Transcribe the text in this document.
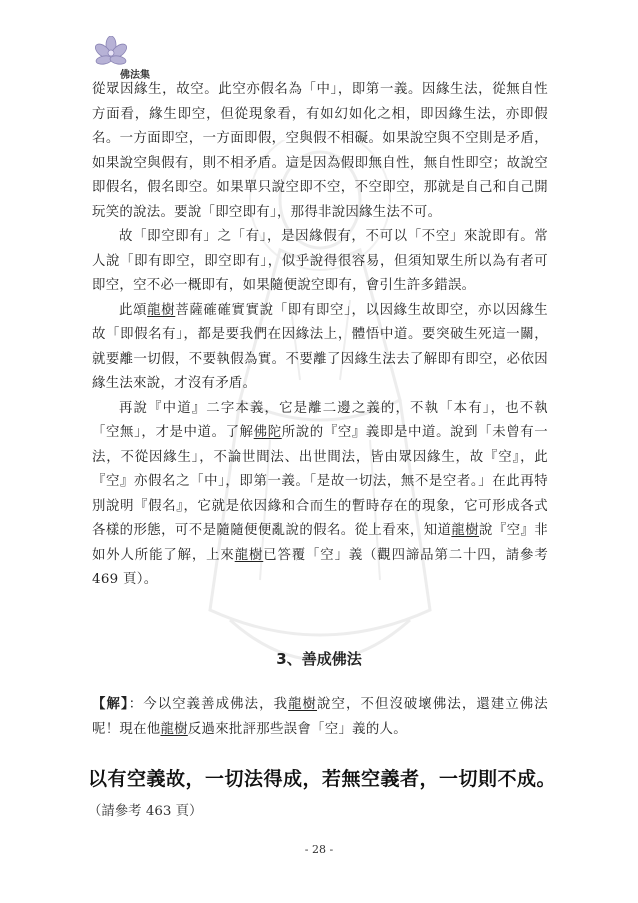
佛法集

從眾因緣生，故空。此空亦假名為「中」，即第一義。因緣生法，從無自性方面看，緣生即空，但從現象看，有如幻如化之相，即因緣生法，亦即假名。一方面即空，一方面即假，空與假不相礙。如果說空與不空則是矛盾，如果說空與假有，則不相矛盾。這是因為假即無自性，無自性即空；故說空即假名，假名即空。如果單只說空即不空，不空即空，那就是自己和自己開玩笑的說法。要說「即空即有」，那得非說因緣生法不可。

故「即空即有」之「有」，是因緣假有，不可以「不空」來說即有。常人說「即有即空，即空即有」，似乎說得很容易，但須知眾生所以為有者可即空，空不必一概即有，如果隨便說空即有，會引生許多錯誤。

此頌龍樹菩薩確確實實說「即有即空」，以因緣生故即空，亦以因緣生故「即假名有」，都是要我們在因緣法上，體悟中道。要突破生死這一關，就要離一切假，不要執假為實。不要離了因緣生法去了解即有即空，必依因緣生法來說，才沒有矛盾。

再說『中道』二字本義，它是離二邊之義的，不執「本有」，也不執「空無」，才是中道。了解佛陀所說的『空』義即是中道。說到「未曾有一法，不從因緣生」，不論世間法、出世間法，皆由眾因緣生，故『空』，此『空』亦假名之「中」，即第一義。「是故一切法，無不是空者。」在此再特別說明『假名』，它就是依因緣和合而生的暫時存在的現象，它可形成各式各樣的形態，可不是隨隨便便亂說的假名。從上看來，知道龍樹說『空』非如外人所能了解，上來龍樹已答覆「空」義（觀四諦品第二十四，請參考 469 頁）。

3、善成佛法

【解】：今以空義善成佛法，我龍樹說空，不但沒破壞佛法，還建立佛法呢！現在他龍樹反過來批評那些誤會「空」義的人。

以有空義故，一切法得成，若無空義者，一切則不成。
（請參考 463 頁）
- 28 -
